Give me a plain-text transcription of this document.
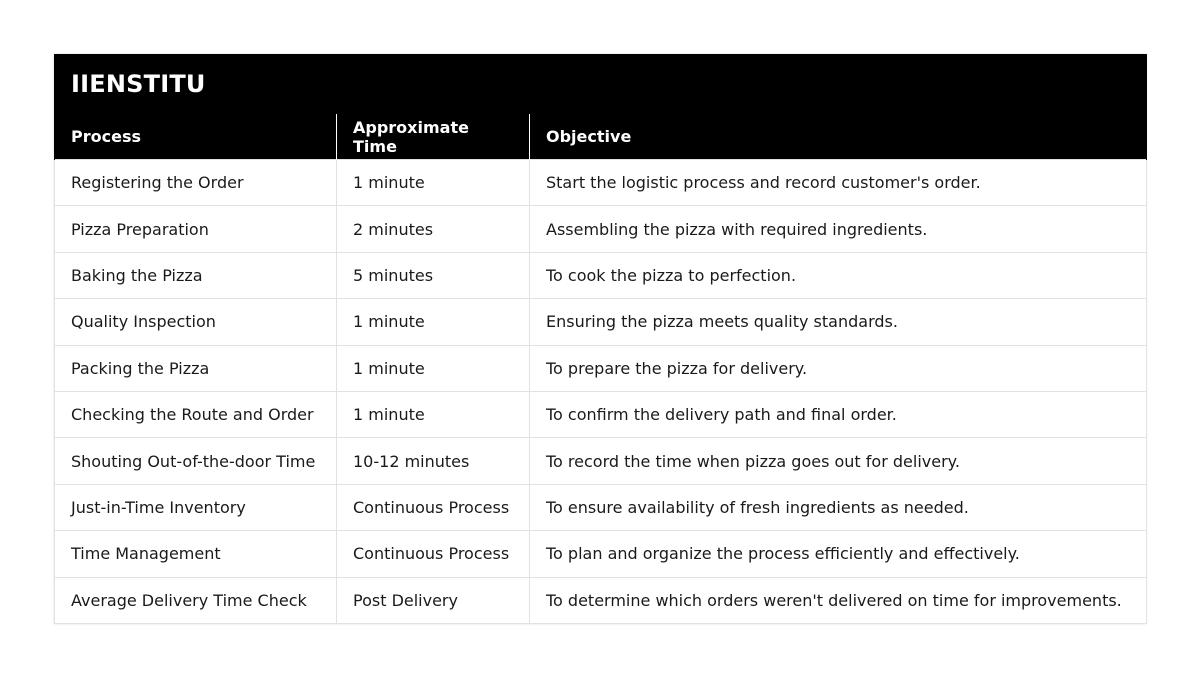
IIENSTITU		
Process	Approximate Time	Objective
Registering the Order	1 minute	Start the logistic process and record customer's order.
Pizza Preparation	2 minutes	Assembling the pizza with required ingredients.
Baking the Pizza	5 minutes	To cook the pizza to perfection.
Quality Inspection	1 minute	Ensuring the pizza meets quality standards.
Packing the Pizza	1 minute	To prepare the pizza for delivery.
Checking the Route and Order	1 minute	To confirm the delivery path and final order.
Shouting Out-of-the-door Time	10-12 minutes	To record the time when pizza goes out for delivery.
Just-in-Time Inventory	Continuous Process	To ensure availability of fresh ingredients as needed.
Time Management	Continuous Process	To plan and organize the process efficiently and effectively.
Average Delivery Time Check	Post Delivery	To determine which orders weren't delivered on time for improvements.
